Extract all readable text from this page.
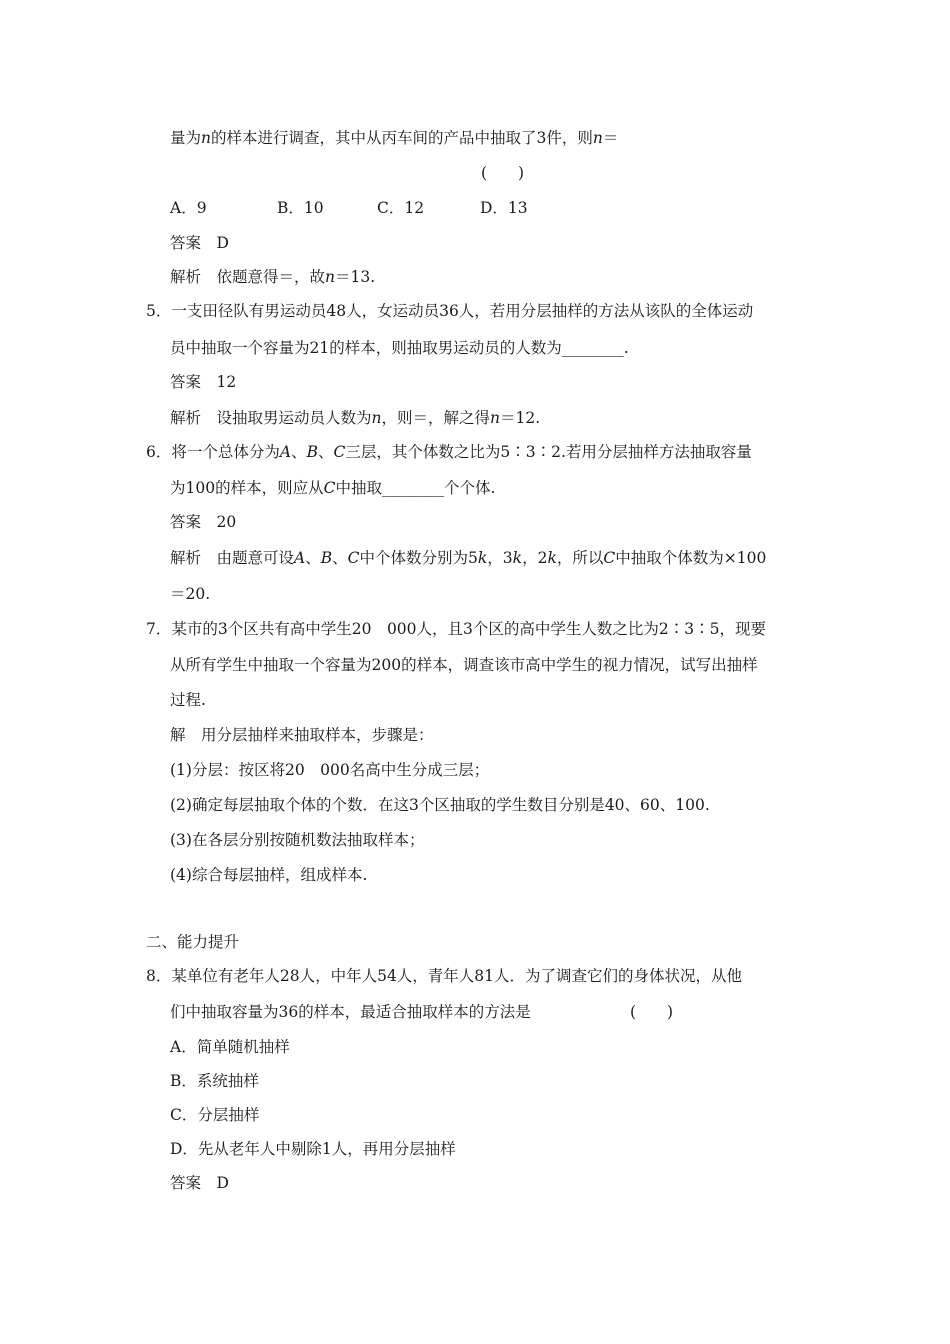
量为n的样本进行调查，其中从丙车间的产品中抽取了3件，则n＝
(　　)
A．9	B．10	C．12	D．13
答案　D
解析　依题意得＝，故n＝13.
5．一支田径队有男运动员48人，女运动员36人，若用分层抽样的方法从该队的全体运动
员中抽取一个容量为21的样本，则抽取男运动员的人数为________.
答案　12
解析　设抽取男运动员人数为n，则＝，解之得n＝12.
6．将一个总体分为A、B、C三层，其个体数之比为5∶3∶2.若用分层抽样方法抽取容量
为100的样本，则应从C中抽取________个个体.
答案　20
解析　由题意可设A、B、C中个体数分别为5k，3k，2k，所以C中抽取个体数为×100
＝20.
7．某市的3个区共有高中学生20　000人，且3个区的高中学生人数之比为2∶3∶5，现要
从所有学生中抽取一个容量为200的样本，调查该市高中学生的视力情况，试写出抽样
过程.
解　用分层抽样来抽取样本，步骤是：
(1)分层：按区将20　000名高中生分成三层；
(2)确定每层抽取个体的个数．在这3个区抽取的学生数目分别是40、60、100.
(3)在各层分别按随机数法抽取样本；
(4)综合每层抽样，组成样本.
二、能力提升
8．某单位有老年人28人，中年人54人，青年人81人．为了调查它们的身体状况，从他
们中抽取容量为36的样本，最适合抽取样本的方法是	(　　)
A．简单随机抽样
B．系统抽样
C．分层抽样
D．先从老年人中剔除1人，再用分层抽样
答案　D
